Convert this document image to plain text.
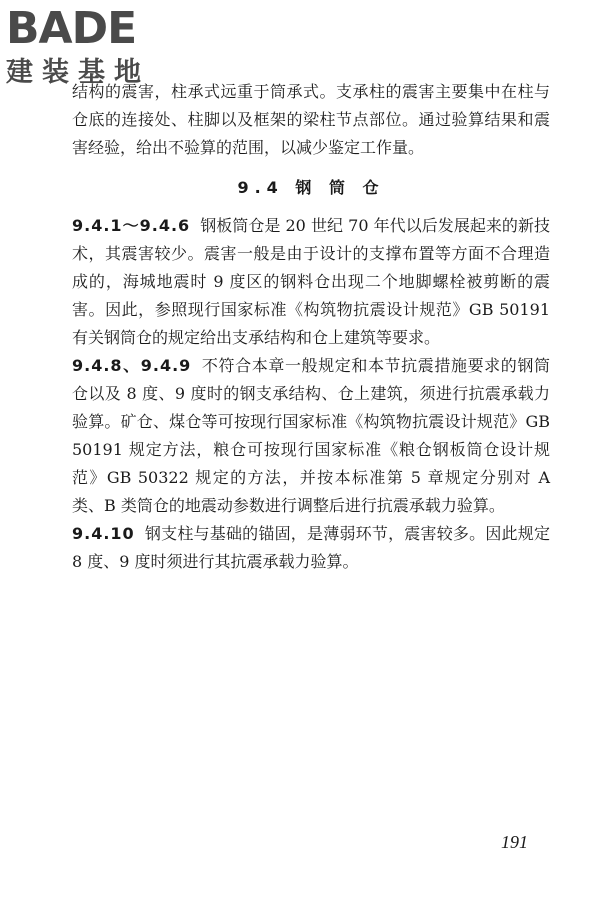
B A DE
建装基地

结构的震害，柱承式远重于筒承式。支承柱的震害主要集中在柱与仓底的连接处、柱脚以及框架的梁柱节点部位。通过验算结果和震害经验，给出不验算的范围，以减少鉴定工作量。

9.4 钢 筒 仓

9.4.1～9.4.6 钢板筒仓是 20 世纪 70 年代以后发展起来的新技术，其震害较少。震害一般是由于设计的支撑布置等方面不合理造成的，海城地震时 9 度区的钢料仓出现二个地脚螺栓被剪断的震害。因此，参照现行国家标准《构筑物抗震设计规范》GB 50191 有关钢筒仓的规定给出支承结构和仓上建筑等要求。

9.4.8、9.4.9 不符合本章一般规定和本节抗震措施要求的钢筒仓以及 8 度、9 度时的钢支承结构、仓上建筑，须进行抗震承载力验算。矿仓、煤仓等可按现行国家标准《构筑物抗震设计规范》GB 50191 规定方法，粮仓可按现行国家标准《粮仓钢板筒仓设计规范》GB 50322 规定的方法，并按本标准第 5 章规定分别对 A 类、B 类筒仓的地震动参数进行调整后进行抗震承载力验算。

9.4.10 钢支柱与基础的锚固，是薄弱环节，震害较多。因此规定 8 度、9 度时须进行其抗震承载力验算。

191
